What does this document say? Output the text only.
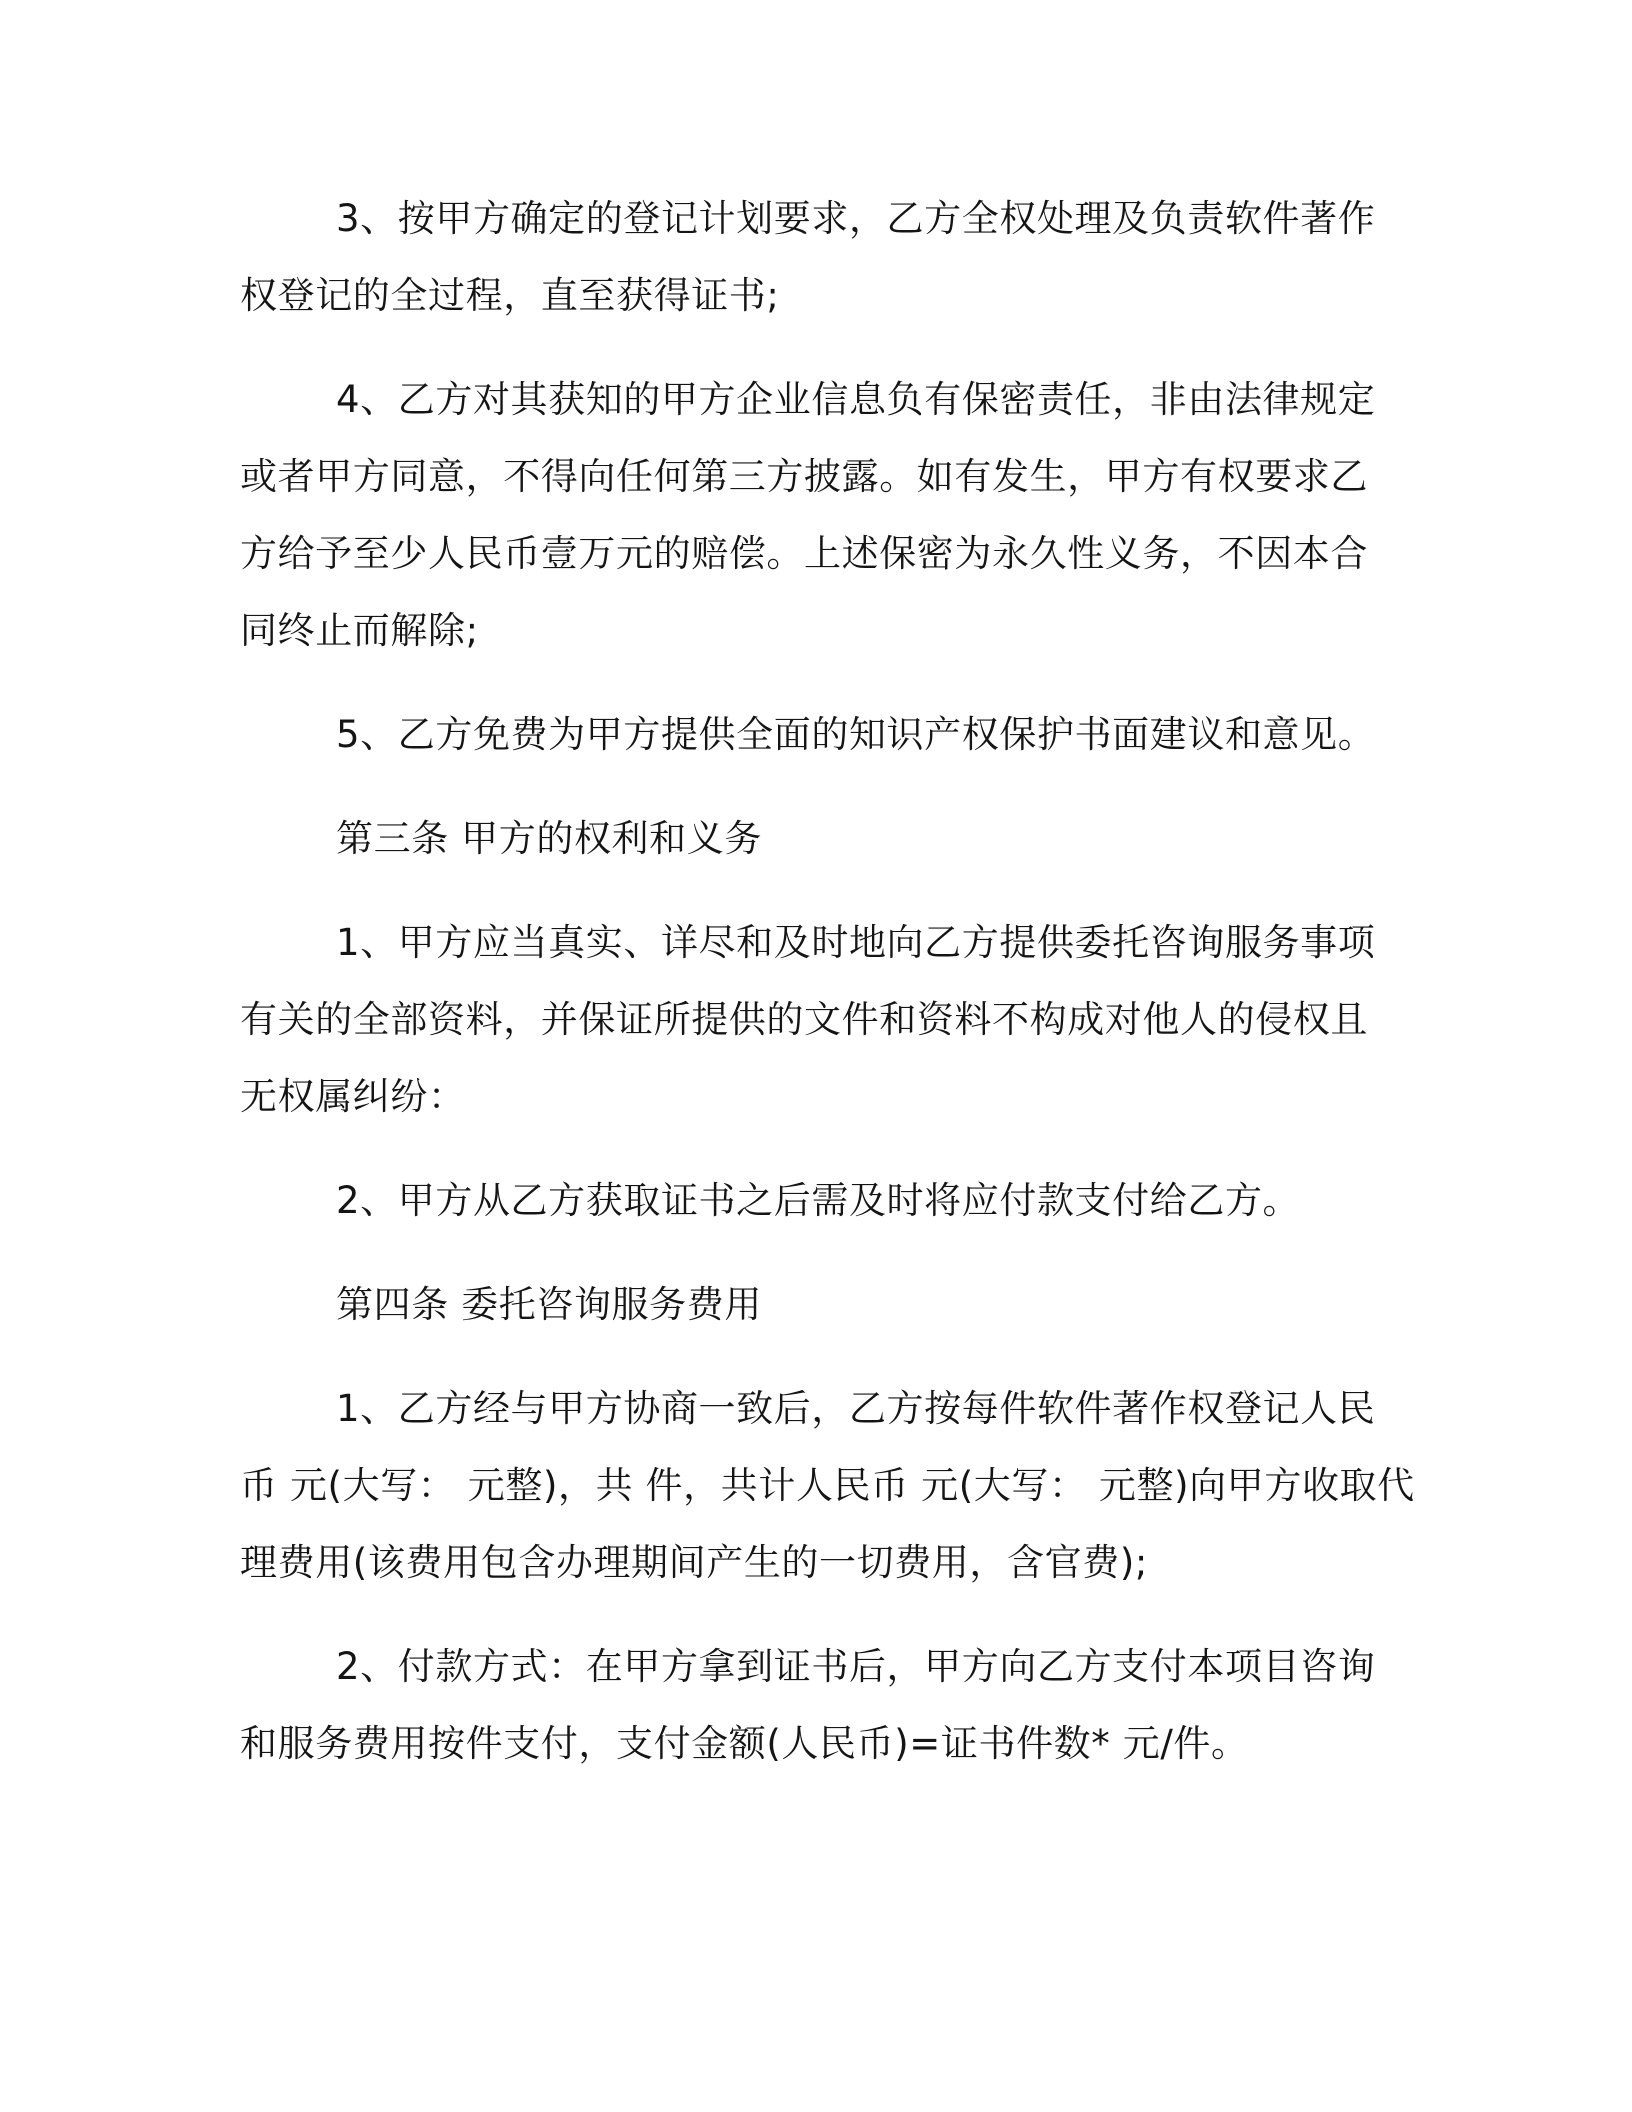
3、按甲方确定的登记计划要求，乙方全权处理及负责软件著作
权登记的全过程，直至获得证书;
4、乙方对其获知的甲方企业信息负有保密责任，非由法律规定
或者甲方同意，不得向任何第三方披露。如有发生，甲方有权要求乙
方给予至少人民币壹万元的赔偿。上述保密为永久性义务，不因本合
同终止而解除;
5、乙方免费为甲方提供全面的知识产权保护书面建议和意见。
第三条 甲方的权利和义务
1、甲方应当真实、详尽和及时地向乙方提供委托咨询服务事项
有关的全部资料，并保证所提供的文件和资料不构成对他人的侵权且
无权属纠纷：
2、甲方从乙方获取证书之后需及时将应付款支付给乙方。
第四条 委托咨询服务费用
1、乙方经与甲方协商一致后，乙方按每件软件著作权登记人民
币 元(大写： 元整)，共 件，共计人民币 元(大写： 元整)向甲方收取代
理费用(该费用包含办理期间产生的一切费用，含官费);
2、付款方式：在甲方拿到证书后，甲方向乙方支付本项目咨询
和服务费用按件支付，支付金额(人民币)=证书件数* 元/件。
